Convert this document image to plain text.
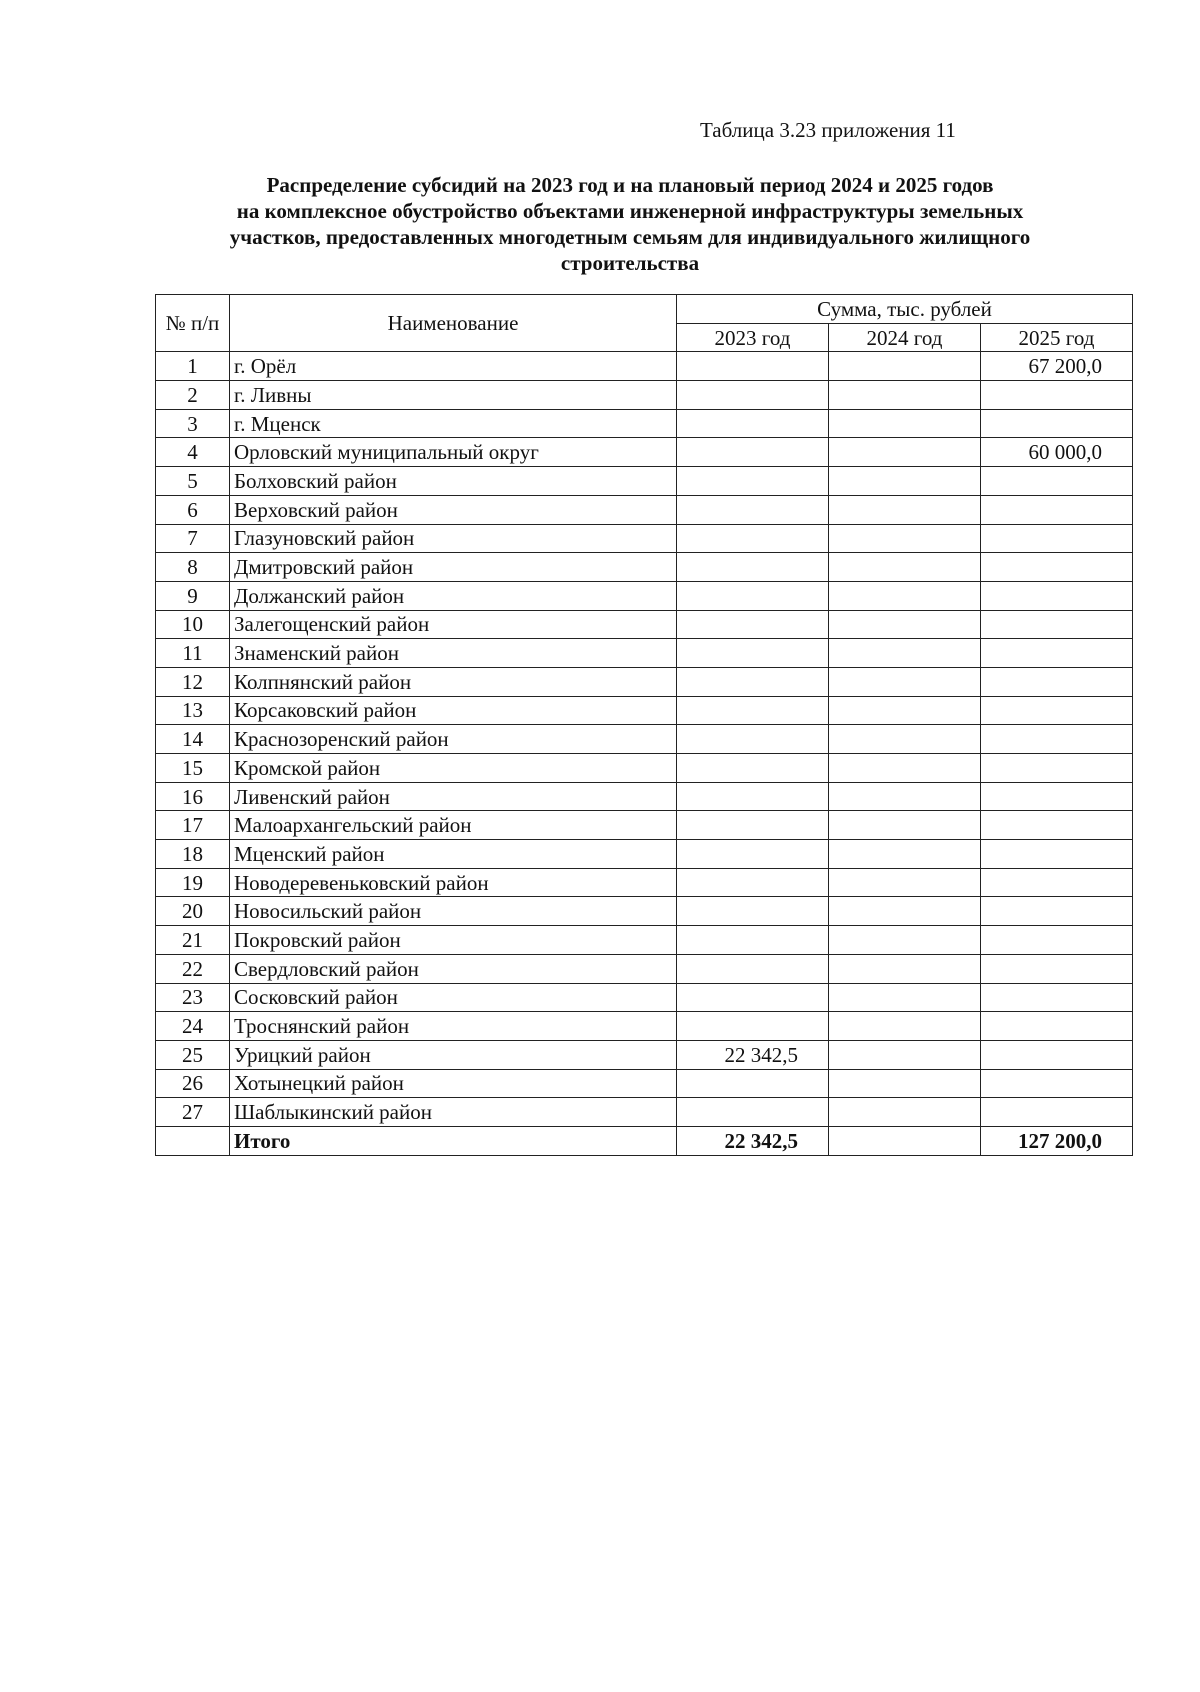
Таблица 3.23 приложения 11
Распределение субсидий на 2023 год и на плановый период 2024 и 2025 годов
на комплексное обустройство объектами инженерной инфраструктуры земельных
участков, предоставленных многодетным семьям для индивидуального жилищного
строительства
№ п/п	Наименование	Сумма, тыс. рублей		
		2023 год	2024 год	2025 год
1	г. Орёл			67 200,0
2	г. Ливны			
3	г. Мценск			
4	Орловский муниципальный округ			60 000,0
5	Болховский район			
6	Верховский район			
7	Глазуновский район			
8	Дмитровский район			
9	Должанский район			
10	Залегощенский район			
11	Знаменский район			
12	Колпнянский район			
13	Корсаковский район			
14	Краснозоренский район			
15	Кромской район			
16	Ливенский район			
17	Малоархангельский район			
18	Мценский район			
19	Новодеревеньковский район			
20	Новосильский район			
21	Покровский район			
22	Свердловский район			
23	Сосковский район			
24	Троснянский район			
25	Урицкий район	22 342,5		
26	Хотынецкий район			
27	Шаблыкинский район			
	Итого	22 342,5		127 200,0
